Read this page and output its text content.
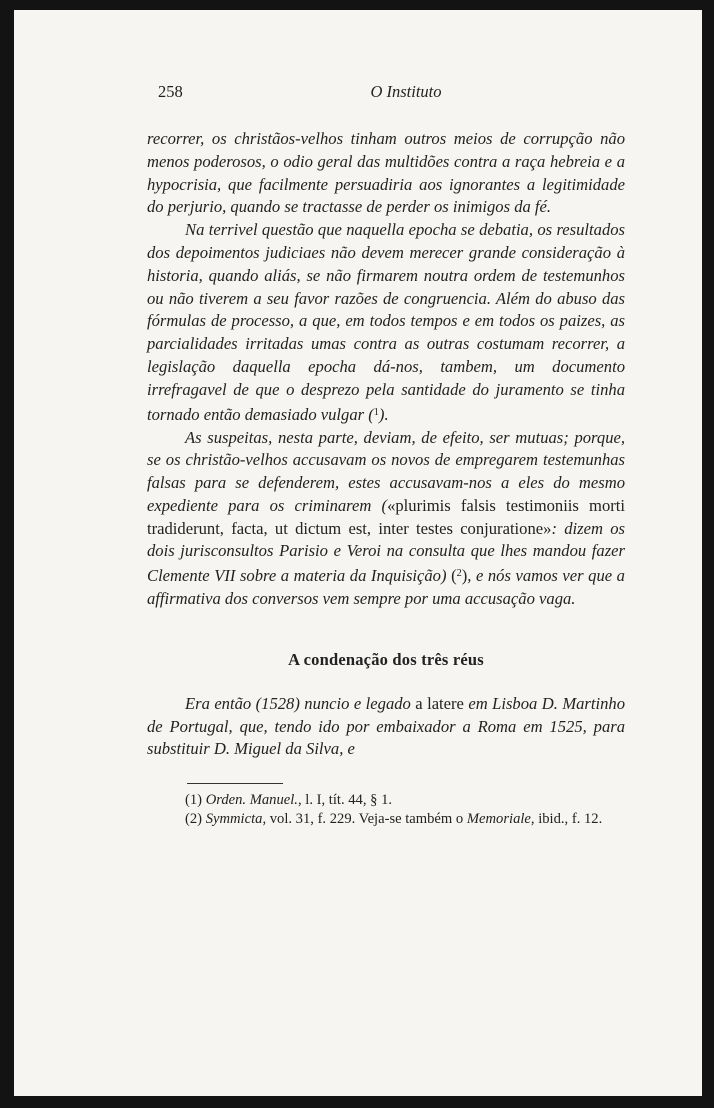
258	O Instituto

recorrer, os christãos-velhos tinham outros meios de corrupção não menos poderosos, o odio geral das multidões contra a raça hebreia e a hypocrisia, que facilmente persuadiria aos ignorantes a legitimidade do perjurio, quando se tractasse de perder os inimigos da fé.

Na terrivel questão que naquella epocha se debatia, os resultados dos depoimentos judiciaes não devem merecer grande consideração à historia, quando aliás, se não firmarem noutra ordem de testemunhos ou não tiverem a seu favor razões de congruencia. Além do abuso das fórmulas de processo, a que, em todos tempos e em todos os paizes, as parcialidades irritadas umas contra as outras costumam recorrer, a legislação daquella epocha dá-nos, tambem, um documento irrefragavel de que o desprezo pela santidade do juramento se tinha tornado então demasiado vulgar ($^1$).

As suspeitas, nesta parte, deviam, de efeito, ser mutuas; porque, se os christão-velhos accusavam os novos de empregarem testemunhas falsas para se defenderem, estes accusavam-nos a eles do mesmo expediente para os criminarem («plurimis falsis testimoniis morti tradiderunt, facta, ut dictum est, inter testes conjuratione»: dizem os dois jurisconsultos Parisio e Veroi na consulta que lhes mandou fazer Clemente VII sobre a materia da Inquisição) ($^2$), e nós vamos ver que a affirmativa dos conversos vem sempre por uma accusação vaga.

A condenação dos três réus

Era então (1528) nuncio e legado a latere em Lisboa D. Martinho de Portugal, que, tendo ido por embaixador a Roma em 1525, para substituir D. Miguel da Silva, e

(1) Orden. Manuel., l. I, tít. 44, § 1.

(2) Symmicta, vol. 31, f. 229. Veja-se também o Memoriale, ibid., f. 12.
